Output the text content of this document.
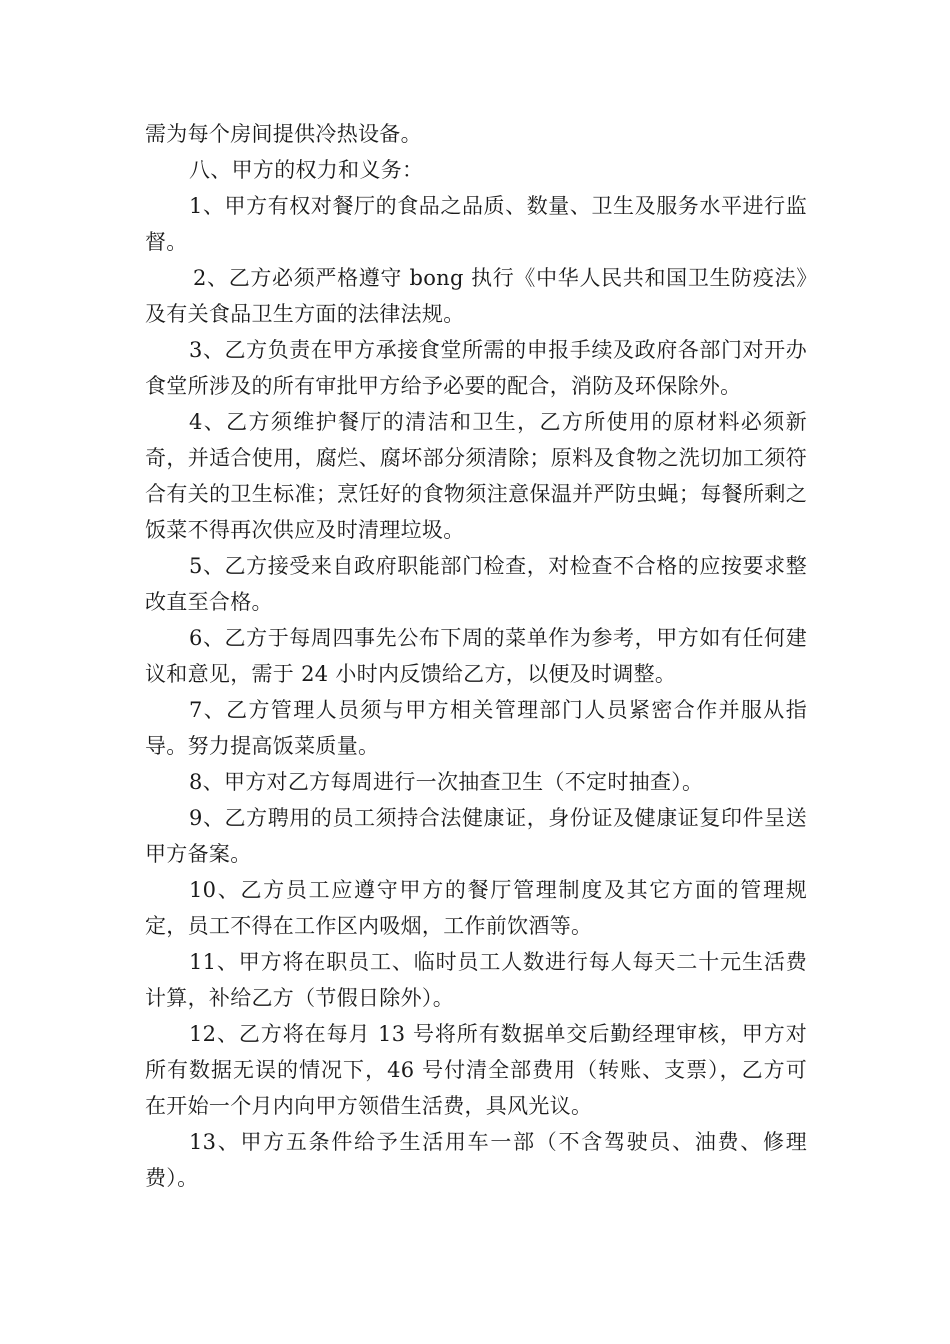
需为每个房间提供冷热设备。

八、甲方的权力和义务：

1、甲方有权对餐厅的食品之品质、数量、卫生及服务水平进行监督。

2、乙方必须严格遵守 bong 执行《中华人民共和国卫生防疫法》及有关食品卫生方面的法律法规。

3、乙方负责在甲方承接食堂所需的申报手续及政府各部门对开办食堂所涉及的所有审批甲方给予必要的配合，消防及环保除外。

4、乙方须维护餐厅的清洁和卫生，乙方所使用的原材料必须新奇，并适合使用，腐烂、腐坏部分须清除；原料及食物之洗切加工须符合有关的卫生标准；烹饪好的食物须注意保温并严防虫蝇；每餐所剩之饭菜不得再次供应及时清理垃圾。

5、乙方接受来自政府职能部门检查，对检查不合格的应按要求整改直至合格。

6、乙方于每周四事先公布下周的菜单作为参考，甲方如有任何建议和意见，需于 24 小时内反馈给乙方，以便及时调整。

7、乙方管理人员须与甲方相关管理部门人员紧密合作并服从指导。努力提高饭菜质量。

8、甲方对乙方每周进行一次抽查卫生（不定时抽查）。

9、乙方聘用的员工须持合法健康证，身份证及健康证复印件呈送甲方备案。

10、乙方员工应遵守甲方的餐厅管理制度及其它方面的管理规定，员工不得在工作区内吸烟，工作前饮酒等。

11、甲方将在职员工、临时员工人数进行每人每天二十元生活费计算，补给乙方（节假日除外）。

12、乙方将在每月 13 号将所有数据单交后勤经理审核，甲方对所有数据无误的情况下，46 号付清全部费用（转账、支票），乙方可在开始一个月内向甲方领借生活费，具风光议。

13、甲方五条件给予生活用车一部（不含驾驶员、油费、修理费）。
